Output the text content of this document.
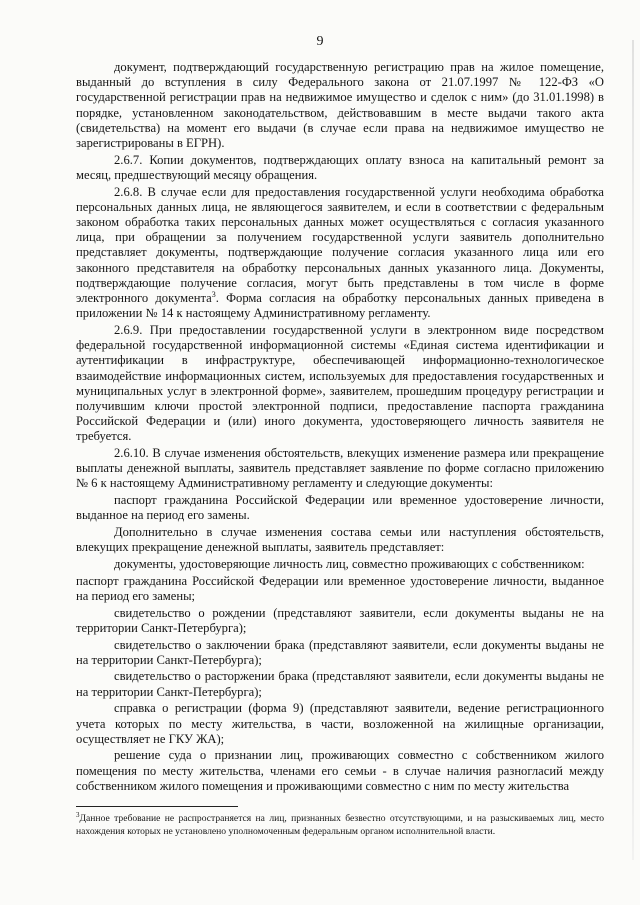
9

документ, подтверждающий государственную регистрацию прав на жилое помещение, выданный до вступления в силу Федерального закона от 21.07.1997 № 122-ФЗ «О государственной регистрации прав на недвижимое имущество и сделок с ним» (до 31.01.1998) в порядке, установленном законодательством, действовавшим в месте выдачи такого акта (свидетельства) на момент его выдачи (в случае если права на недвижимое имущество не зарегистрированы в ЕГРН).

2.6.7. Копии документов, подтверждающих оплату взноса на капитальный ремонт за месяц, предшествующий месяцу обращения.

2.6.8. В случае если для предоставления государственной услуги необходима обработка персональных данных лица, не являющегося заявителем, и если в соответствии с федеральным законом обработка таких персональных данных может осуществляться с согласия указанного лица, при обращении за получением государственной услуги заявитель дополнительно представляет документы, подтверждающие получение согласия указанного лица или его законного представителя на обработку персональных данных указанного лица. Документы, подтверждающие получение согласия, могут быть представлены в том числе в форме электронного документа$^3$. Форма согласия на обработку персональных данных приведена в приложении № 14 к настоящему Административному регламенту.

2.6.9. При предоставлении государственной услуги в электронном виде посредством федеральной государственной информационной системы «Единая система идентификации и аутентификации в инфраструктуре, обеспечивающей информационно-технологическое взаимодействие информационных систем, используемых для предоставления государственных и муниципальных услуг в электронной форме», заявителем, прошедшим процедуру регистрации и получившим ключи простой электронной подписи, предоставление паспорта гражданина Российской Федерации и (или) иного документа, удостоверяющего личность заявителя не требуется.

2.6.10. В случае изменения обстоятельств, влекущих изменение размера или прекращение выплаты денежной выплаты, заявитель представляет заявление по форме согласно приложению № 6 к настоящему Административному регламенту и следующие документы:

паспорт гражданина Российской Федерации или временное удостоверение личности, выданное на период его замены.

Дополнительно в случае изменения состава семьи или наступления обстоятельств, влекущих прекращение денежной выплаты, заявитель представляет:

документы, удостоверяющие личность лиц, совместно проживающих с собственником:

паспорт гражданина Российской Федерации или временное удостоверение личности, выданное на период его замены;

свидетельство о рождении (представляют заявители, если документы выданы не на территории Санкт-Петербурга);

свидетельство о заключении брака (представляют заявители, если документы выданы не на территории Санкт-Петербурга);

свидетельство о расторжении брака (представляют заявители, если документы выданы не на территории Санкт-Петербурга);

справка о регистрации (форма 9) (представляют заявители, ведение регистрационного учета которых по месту жительства, в части, возложенной на жилищные организации, осуществляет не ГКУ ЖА);

решение суда о признании лиц, проживающих совместно с собственником жилого помещения по месту жительства, членами его семьи - в случае наличия разногласий между собственником жилого помещения и проживающими совместно с ним по месту жительства

$^3$Данное требование не распространяется на лиц, признанных безвестно отсутствующими, и на разыскиваемых лиц, место нахождения которых не установлено уполномоченным федеральным органом исполнительной власти.
